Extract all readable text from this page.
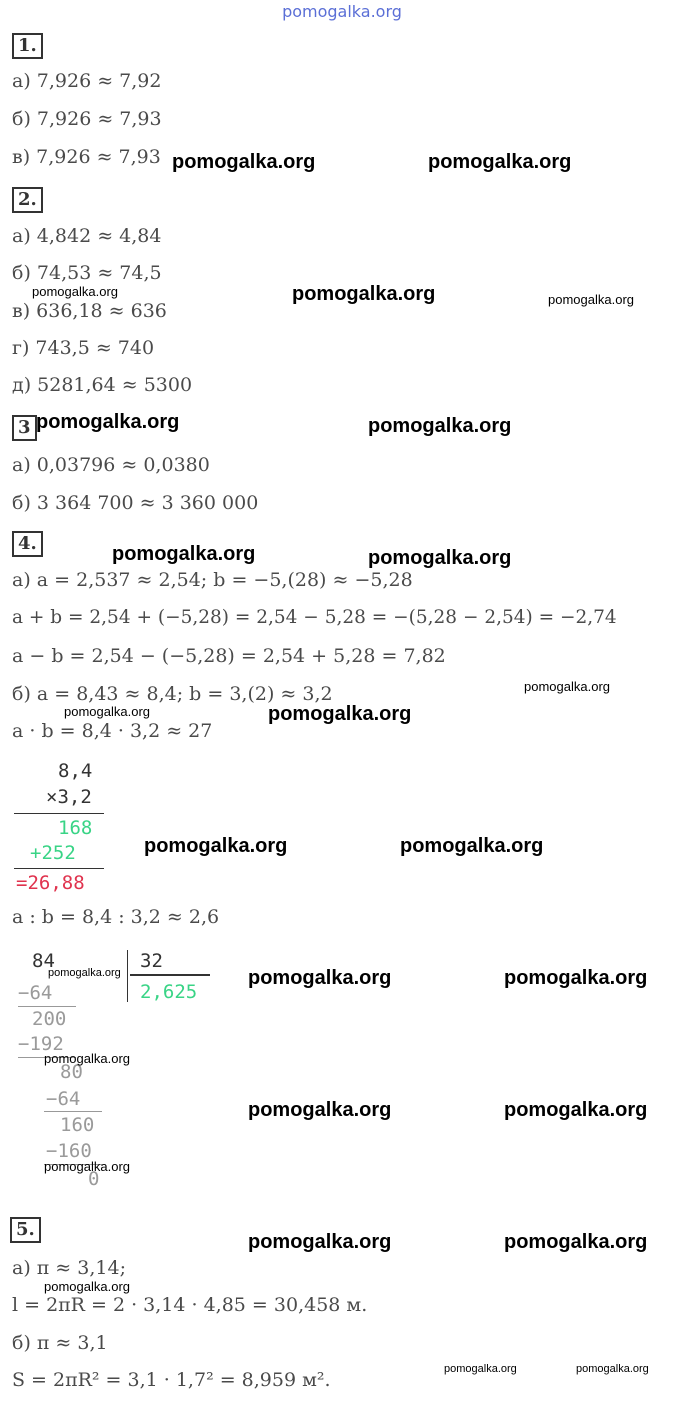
pomogalka.org
1.
а) 7,926 ≈ 7,92
б) 7,926 ≈ 7,93
в) 7,926 ≈ 7,93
2.
а) 4,842 ≈ 4,84
б) 74,53 ≈ 74,5
в) 636,18 ≈ 636
г) 743,5 ≈ 740
д) 5281,64 ≈ 5300
3
а) 0,03796 ≈ 0,0380
б) 3 364 700 ≈ 3 360 000
4.
а) a = 2,537 ≈ 2,54; b = −5,(28) ≈ −5,28
a + b = 2,54 + (−5,28) = 2,54 − 5,28 = −(5,28 − 2,54) = −2,74
a − b = 2,54 − (−5,28) = 2,54 + 5,28 = 7,82
б) a = 8,43 ≈ 8,4; b = 3,(2) ≈ 3,2
a · b = 8,4 · 3,2 ≈ 27
8,4
×3,2
168
+252
=26,88
a : b = 8,4 : 3,2 ≈ 2,6
84	32
2,625
−64
200
−192
80
−64
160
−160
0
5.
а) π ≈ 3,14;
l = 2πR = 2 · 3,14 · 4,85 = 30,458 м.
б) π ≈ 3,1
S = 2πR² = 3,1 · 1,7² = 8,959 м².
pomogalka.org	pomogalka.org
pomogalka.org	pomogalka.org	pomogalka.org
pomogalka.org	pomogalka.org
pomogalka.org	pomogalka.org
pomogalka.org
pomogalka.org	pomogalka.org
pomogalka.org	pomogalka.org
pomogalka.org	pomogalka.org	pomogalka.org
pomogalka.org
pomogalka.org	pomogalka.org
pomogalka.org
pomogalka.org	pomogalka.org
pomogalka.org
pomogalka.org	pomogalka.org
